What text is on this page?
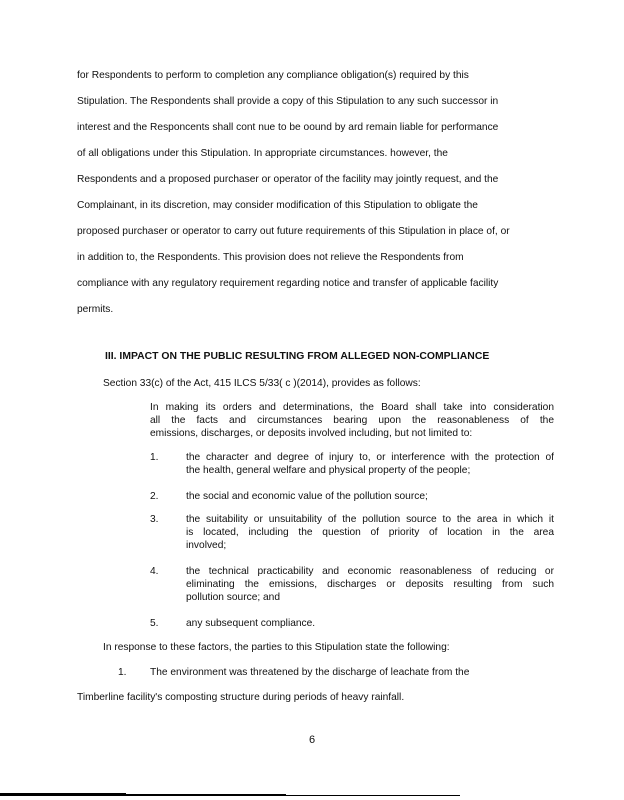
for Respondents to perform to completion any compliance obligation(s) required by this
Stipulation. The Respondents shall provide a copy of this Stipulation to any such successor in
interest and the Responcents shall cont nue to be oound by ard remain liable for performance
of all obligations under this Stipulation. In appropriate circumstances. however, the
Respondents and a proposed purchaser or operator of the facility may jointly request, and the
Complainant, in its discretion, may consider modification of this Stipulation to obligate the
proposed purchaser or operator to carry out future requirements of this Stipulation in place of, or
in addition to, the Respondents. This provision does not relieve the Respondents from
compliance with any regulatory requirement regarding notice and transfer of applicable facility
permits.
III. IMPACT ON THE PUBLIC RESULTING FROM ALLEGED NON-COMPLIANCE
Section 33(c) of the Act, 415 ILCS 5/33( c )(2014), provides as follows:
In making its orders and determinations, the Board shall take into consideration
all the facts and circumstances bearing upon the reasonableness of the
emissions, discharges, or deposits involved including, but not limited to:
1.	the character and degree of injury to, or interference with the protection of
the health, general welfare and physical property of the people;
2.	the social and economic value of the pollution source;
3.	the suitability or unsuitability of the pollution source to the area in which it
is located, including the question of priority of location in the area
involved;
4.	the technical practicability and economic reasonableness of reducing or
eliminating the emissions, discharges or deposits resulting from such
pollution source; and
5.	any subsequent compliance.
In response to these factors, the parties to this Stipulation state the following:
1. The environment was threatened by the discharge of leachate from the
Timberline facility's composting structure during periods of heavy rainfall.
6
